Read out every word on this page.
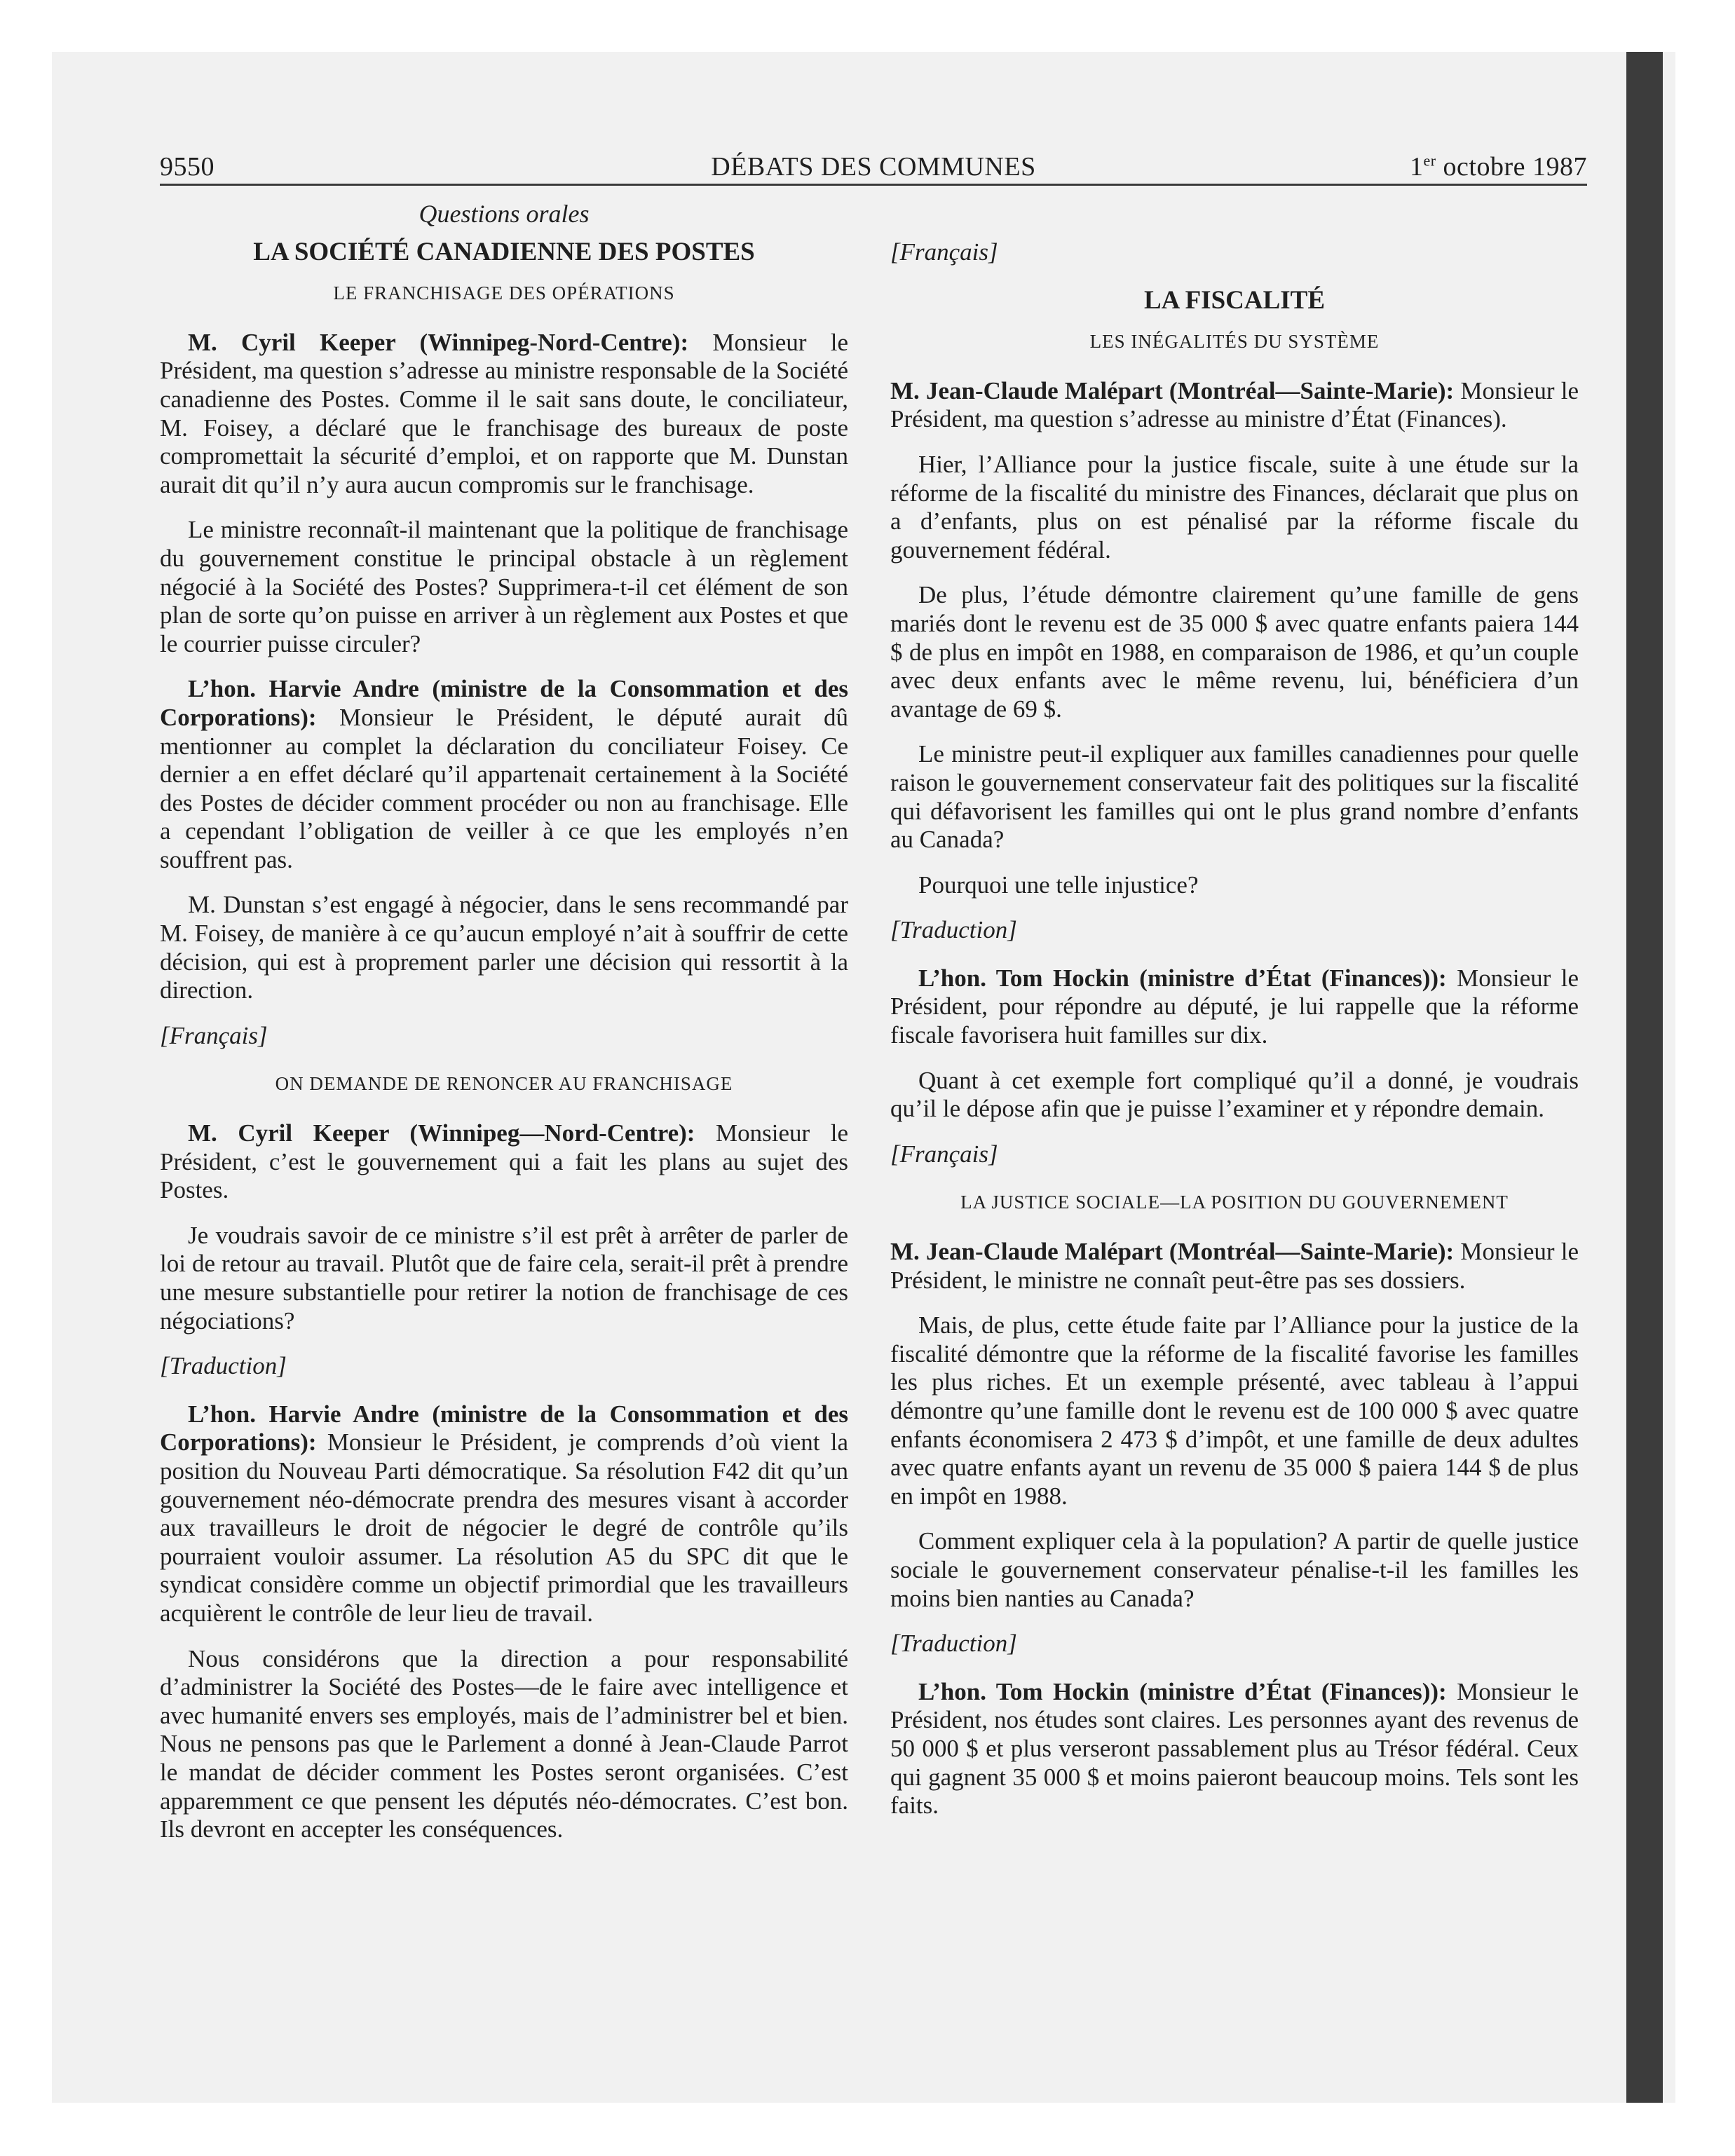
9550	DÉBATS DES COMMUNES	1er octobre 1987
Questions orales
LA SOCIÉTÉ CANADIENNE DES POSTES
LE FRANCHISAGE DES OPÉRATIONS

M. Cyril Keeper (Winnipeg-Nord-Centre): Monsieur le Président, ma question s’adresse au ministre responsable de la Société canadienne des Postes. Comme il le sait sans doute, le conciliateur, M. Foisey, a déclaré que le franchisage des bureaux de poste compromettait la sécurité d’emploi, et on rapporte que M. Dunstan aurait dit qu’il n’y aura aucun compromis sur le franchisage.

Le ministre reconnaît-il maintenant que la politique de franchisage du gouvernement constitue le principal obstacle à un règlement négocié à la Société des Postes? Supprimera-t-il cet élément de son plan de sorte qu’on puisse en arriver à un règlement aux Postes et que le courrier puisse circuler?

L’hon. Harvie Andre (ministre de la Consommation et des Corporations): Monsieur le Président, le député aurait dû mentionner au complet la déclaration du conciliateur Foisey. Ce dernier a en effet déclaré qu’il appartenait certainement à la Société des Postes de décider comment procéder ou non au franchisage. Elle a cependant l’obligation de veiller à ce que les employés n’en souffrent pas.

M. Dunstan s’est engagé à négocier, dans le sens recommandé par M. Foisey, de manière à ce qu’aucun employé n’ait à souffrir de cette décision, qui est à proprement parler une décision qui ressortit à la direction.

[Français]
ON DEMANDE DE RENONCER AU FRANCHISAGE

M. Cyril Keeper (Winnipeg—Nord-Centre): Monsieur le Président, c’est le gouvernement qui a fait les plans au sujet des Postes.

Je voudrais savoir de ce ministre s’il est prêt à arrêter de parler de loi de retour au travail. Plutôt que de faire cela, serait-il prêt à prendre une mesure substantielle pour retirer la notion de franchisage de ces négociations?

[Traduction]

L’hon. Harvie Andre (ministre de la Consommation et des Corporations): Monsieur le Président, je comprends d’où vient la position du Nouveau Parti démocratique. Sa résolution F42 dit qu’un gouvernement néo-démocrate prendra des mesures visant à accorder aux travailleurs le droit de négocier le degré de contrôle qu’ils pourraient vouloir assumer. La résolution A5 du SPC dit que le syndicat considère comme un objectif primordial que les travailleurs acquièrent le contrôle de leur lieu de travail.

Nous considérons que la direction a pour responsabilité d’administrer la Société des Postes—de le faire avec intelligence et avec humanité envers ses employés, mais de l’administrer bel et bien. Nous ne pensons pas que le Parlement a donné à Jean-Claude Parrot le mandat de décider comment les Postes seront organisées. C’est apparemment ce que pensent les députés néo-démocrates. C’est bon. Ils devront en accepter les conséquences.

[Français]
LA FISCALITÉ
LES INÉGALITÉS DU SYSTÈME

M. Jean-Claude Malépart (Montréal—Sainte-Marie): Monsieur le Président, ma question s’adresse au ministre d’État (Finances).

Hier, l’Alliance pour la justice fiscale, suite à une étude sur la réforme de la fiscalité du ministre des Finances, déclarait que plus on a d’enfants, plus on est pénalisé par la réforme fiscale du gouvernement fédéral.

De plus, l’étude démontre clairement qu’une famille de gens mariés dont le revenu est de 35 000 $ avec quatre enfants paiera 144 $ de plus en impôt en 1988, en comparaison de 1986, et qu’un couple avec deux enfants avec le même revenu, lui, bénéficiera d’un avantage de 69 $.

Le ministre peut-il expliquer aux familles canadiennes pour quelle raison le gouvernement conservateur fait des politiques sur la fiscalité qui défavorisent les familles qui ont le plus grand nombre d’enfants au Canada?

Pourquoi une telle injustice?

[Traduction]

L’hon. Tom Hockin (ministre d’État (Finances)): Monsieur le Président, pour répondre au député, je lui rappelle que la réforme fiscale favorisera huit familles sur dix.

Quant à cet exemple fort compliqué qu’il a donné, je voudrais qu’il le dépose afin que je puisse l’examiner et y répondre demain.

[Français]
LA JUSTICE SOCIALE—LA POSITION DU GOUVERNEMENT

M. Jean-Claude Malépart (Montréal—Sainte-Marie): Monsieur le Président, le ministre ne connaît peut-être pas ses dossiers.

Mais, de plus, cette étude faite par l’Alliance pour la justice de la fiscalité démontre que la réforme de la fiscalité favorise les familles les plus riches. Et un exemple présenté, avec tableau à l’appui démontre qu’une famille dont le revenu est de 100 000 $ avec quatre enfants économisera 2 473 $ d’impôt, et une famille de deux adultes avec quatre enfants ayant un revenu de 35 000 $ paiera 144 $ de plus en impôt en 1988.

Comment expliquer cela à la population? A partir de quelle justice sociale le gouvernement conservateur pénalise-t-il les familles les moins bien nanties au Canada?

[Traduction]

L’hon. Tom Hockin (ministre d’État (Finances)): Monsieur le Président, nos études sont claires. Les personnes ayant des revenus de 50 000 $ et plus verseront passablement plus au Trésor fédéral. Ceux qui gagnent 35 000 $ et moins paieront beaucoup moins. Tels sont les faits.
